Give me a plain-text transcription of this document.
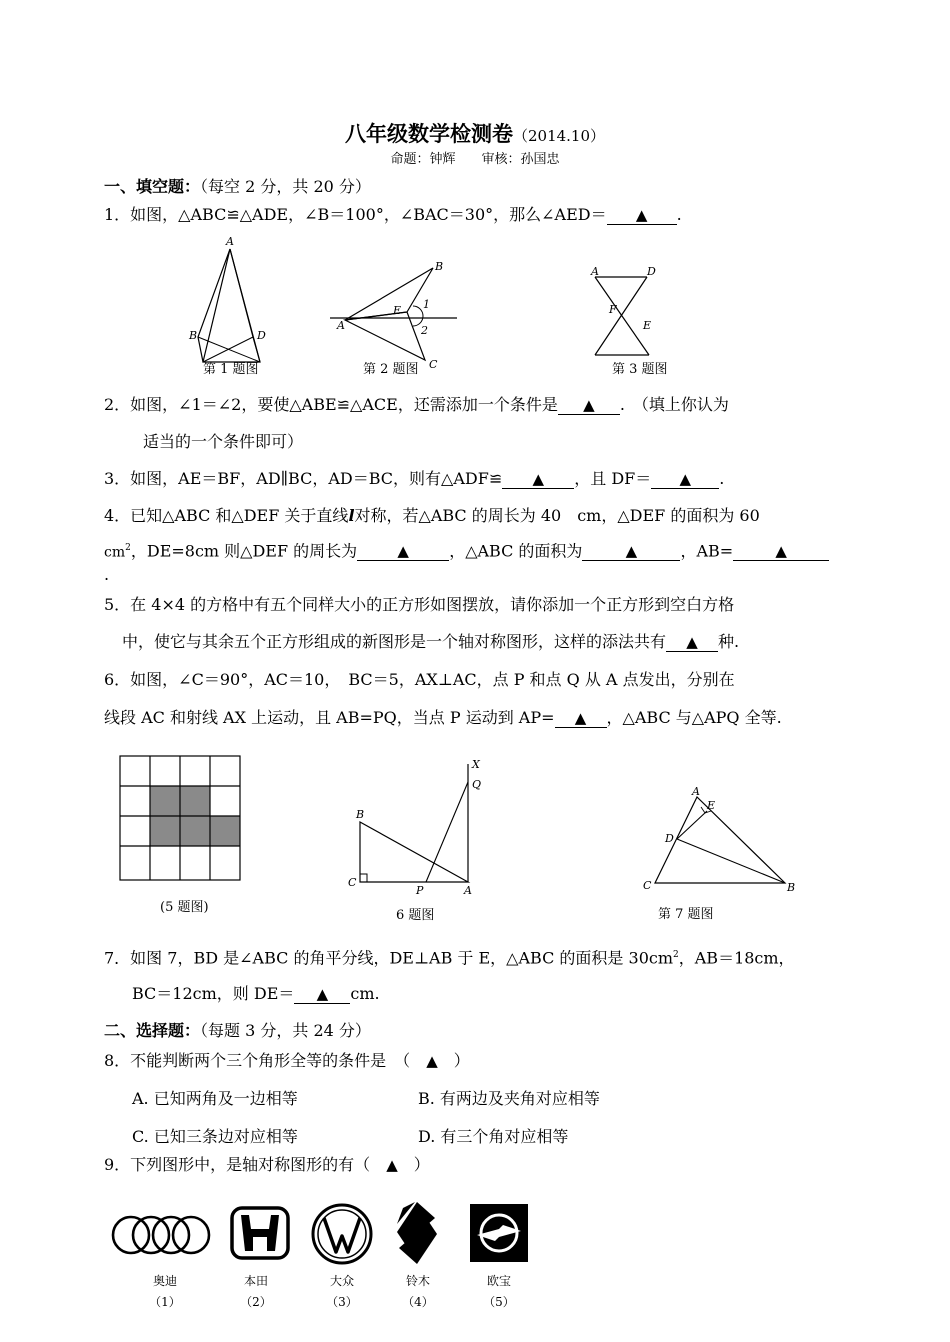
八年级数学检测卷（2014.10）
命题：钟辉　　审核：孙国忠
一、填空题：（每空 2 分，共 20 分）
1．如图，△ABC≌△ADE，∠B＝100°，∠BAC＝30°，那么∠AED＝ ▲ .
A
B	D
第 1 题图
A
B
E 1
2
C
第 2 题图
A	D
F
E
第 3 题图
2．如图，∠1＝∠2，要使△ABE≌△ACE，还需添加一个条件是 ▲ .　（填上你认为
适当的一个条件即可）
3．如图，AE＝BF，AD∥BC，AD＝BC，则有△ADF≌ ▲ ，且 DF＝ ▲ .
4．已知△ABC 和△DEF 关于直线l对称，若△ABC 的周长为 40　cm，△DEF 的面积为 60
$cm^2$，DE=8cm 则△DEF 的周长为	▲	，△ABC 的面积为	▲	，AB=	▲
.
5．在 4×4 的方格中有五个同样大小的正方形如图摆放，请你添加一个正方形到空白方格
中，使它与其余五个正方形组成的新图形是一个轴对称图形，这样的添法共有 ▲ 种.
6．如图，∠C＝90°，AC＝10，　BC＝5，AX⊥AC，点 P 和点 Q 从 A 点发出，分别在
线段 AC 和射线 AX 上运动，且 AB=PQ，当点 P 运动到 AP= ▲ ，△ABC 与△APQ 全等.
(5 题图)
B
C
P	A
X
Q
6 题图
A
E
D
C	B
第 7 题图
7．如图 7，BD 是∠ABC 的角平分线，DE⊥AB 于 E，△ABC 的面积是 $30cm^2$，AB＝18cm，
BC＝12cm，则 DE＝ ▲ cm.
二、选择题：（每题 3 分，共 24 分）
8．不能判断两个三个角形全等的条件是　（　 ▲　 ）
A. 已知两角及一边相等	B. 有两边及夹角对应相等
C. 已知三条边对应相等	D. 有三个角对应相等
9．下列图形中，是轴对称图形的有（　 ▲　 ）
奥迪
（1）
本田
（2）
大众
（3）
铃木
（4）
欧宝
（5）
